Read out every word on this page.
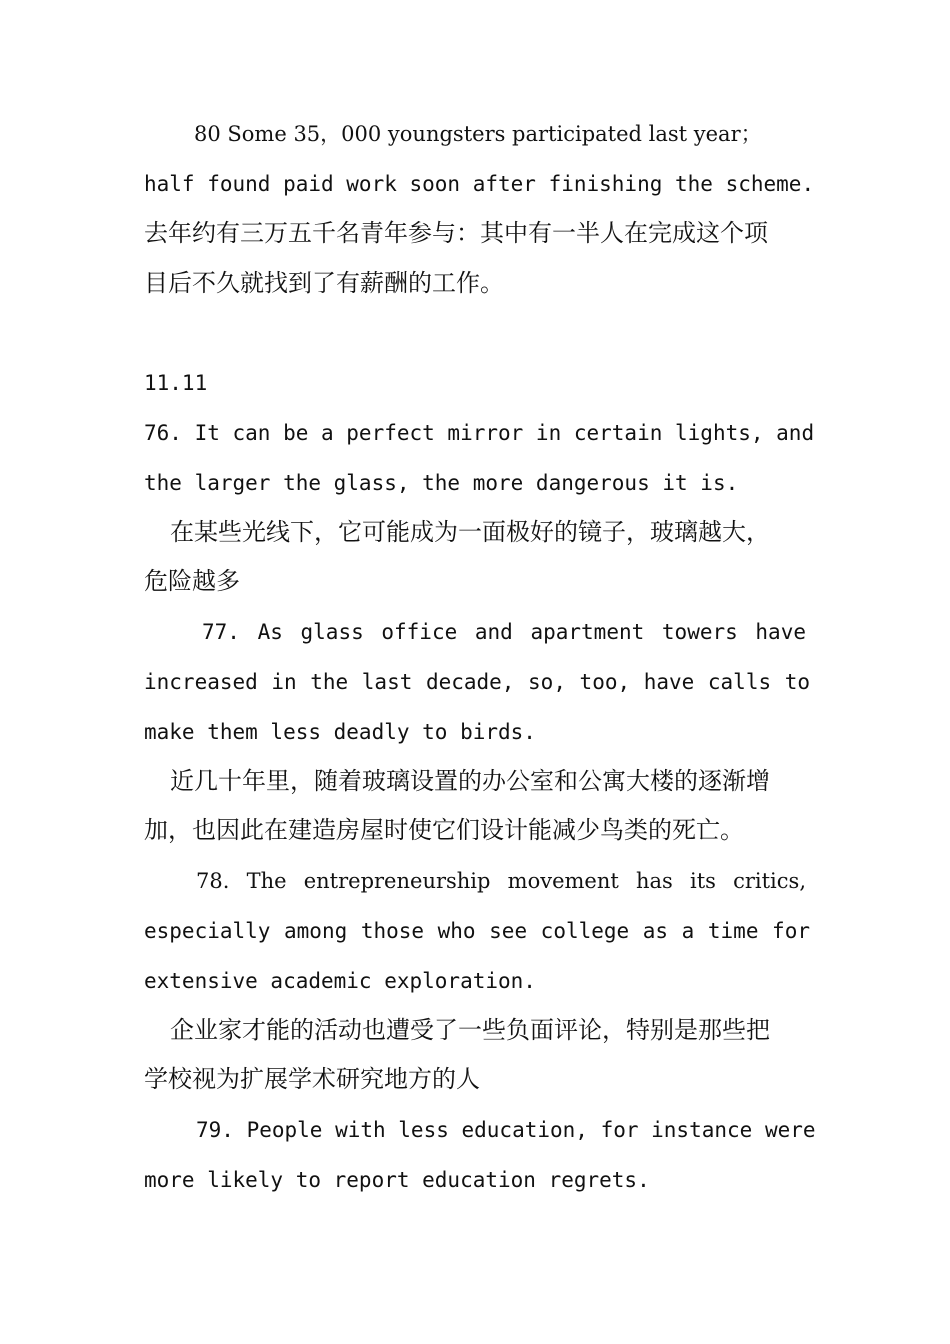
80 Some 35，000 youngsters participated last year；

half found paid work soon after finishing the scheme.

去年约有三万五千名青年参与：其中有一半人在完成这个项

目后不久就找到了有薪酬的工作。

11.11

76. It can be a perfect mirror in certain lights, and

the larger the glass, the more dangerous it is.

在某些光线下，它可能成为一面极好的镜子，玻璃越大，

危险越多

77. As glass office and apartment towers have

increased in the last decade, so, too, have calls to

make them less deadly to birds.

近几十年里，随着玻璃设置的办公室和公寓大楼的逐渐增

加，也因此在建造房屋时使它们设计能减少鸟类的死亡。

78. The entrepreneurship movement has its critics,

especially among those who see college as a time for

extensive academic exploration.

企业家才能的活动也遭受了一些负面评论，特别是那些把

学校视为扩展学术研究地方的人

79. People with less education, for instance were

more likely to report education regrets.
